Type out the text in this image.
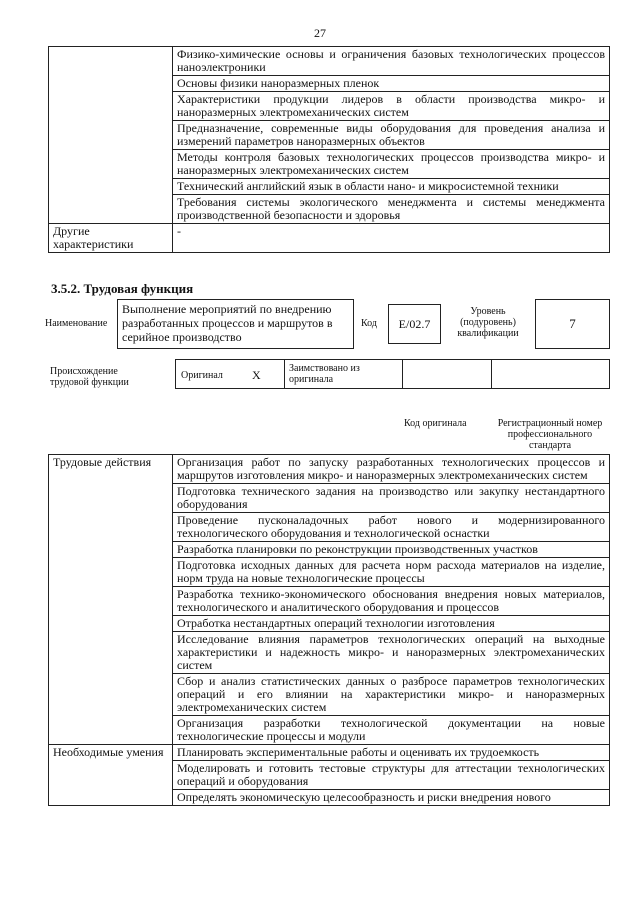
27
	Физико-химические основы и ограничения базовых технологических процессов наноэлектроники
	Основы физики наноразмерных пленок
	Характеристики продукции лидеров в области производства микро- и наноразмерных электромеханических систем
	Предназначение, современные виды оборудования для проведения анализа и измерений параметров наноразмерных объектов
	Методы контроля базовых технологических процессов производства микро- и наноразмерных электромеханических систем
	Технический английский язык в области нано- и микросистемной техники
	Требования системы экологического менеджмента и системы менеджмента производственной безопасности и здоровья
Другие характеристики	-
3.5.2. Трудовая функция
Наименование
Выполнение мероприятий по внедрению разработанных процессов и маршрутов в серийное производство
Код	E/02.7
Уровень (подуровень) квалификации
7
Происхождение трудовой функции
Оригинал X	Заимствовано из оригинала
Код оригинала	Регистрационный номер профессионального стандарта
Трудовые действия	Организация работ по запуску разработанных технологических процессов и маршрутов изготовления микро- и наноразмерных электромеханических систем
	Подготовка технического задания на производство или закупку нестандартного оборудования
	Проведение пусконаладочных работ нового и модернизированного технологического оборудования и технологической оснастки
	Разработка планировки по реконструкции производственных участков
	Подготовка исходных данных для расчета норм расхода материалов на изделие, норм труда на новые технологические процессы
	Разработка технико-экономического обоснования внедрения новых материалов, технологического и аналитического оборудования и процессов
	Отработка нестандартных операций технологии изготовления
	Исследование влияния параметров технологических операций на выходные характеристики и надежность микро- и наноразмерных электромеханических систем
	Сбор и анализ статистических данных о разбросе параметров технологических операций и его влиянии на характеристики микро- и наноразмерных электромеханических систем
	Организация разработки технологической документации на новые технологические процессы и модули
Необходимые умения	Планировать экспериментальные работы и оценивать их трудоемкость
	Моделировать и готовить тестовые структуры для аттестации технологических операций и оборудования
	Определять экономическую целесообразность и риски внедрения нового
